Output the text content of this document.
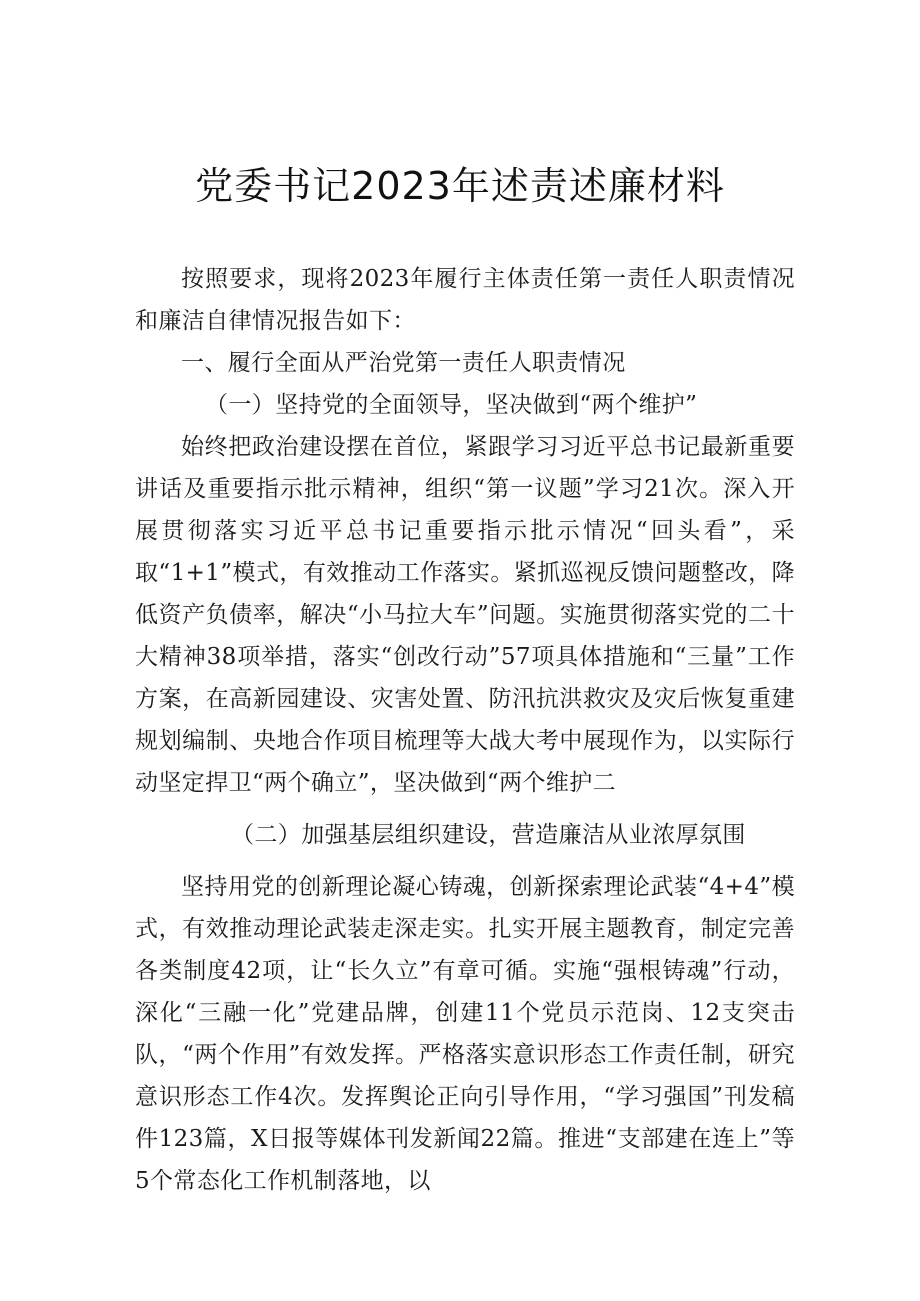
党委书记2023年述责述廉材料

按照要求，现将2023年履行主体责任第一责任人职责情况和廉洁自律情况报告如下：

一、履行全面从严治党第一责任人职责情况

（一）坚持党的全面领导，坚决做到“两个维护”

始终把政治建设摆在首位，紧跟学习习近平总书记最新重要讲话及重要指示批示精神，组织“第一议题”学习21次。深入开展贯彻落实习近平总书记重要指示批示情况“回头看”，采取“1+1”模式，有效推动工作落实。紧抓巡视反馈问题整改，降低资产负债率，解决“小马拉大车”问题。实施贯彻落实党的二十大精神38项举措，落实“创改行动”57项具体措施和“三量”工作方案，在高新园建设、灾害处置、防汛抗洪救灾及灾后恢复重建规划编制、央地合作项目梳理等大战大考中展现作为，以实际行动坚定捍卫“两个确立”，坚决做到“两个维护二

（二）加强基层组织建设，营造廉洁从业浓厚氛围

坚持用党的创新理论凝心铸魂，创新探索理论武装“4+4”模式，有效推动理论武装走深走实。扎实开展主题教育，制定完善各类制度42项，让“长久立”有章可循。实施“强根铸魂”行动，深化“三融一化”党建品牌，创建11个党员示范岗、12支突击队，“两个作用”有效发挥。严格落实意识形态工作责任制，研究意识形态工作4次。发挥舆论正向引导作用，“学习强国”刊发稿件123篇，X日报等媒体刊发新闻22篇。推进“支部建在连上”等5个常态化工作机制落地，以
